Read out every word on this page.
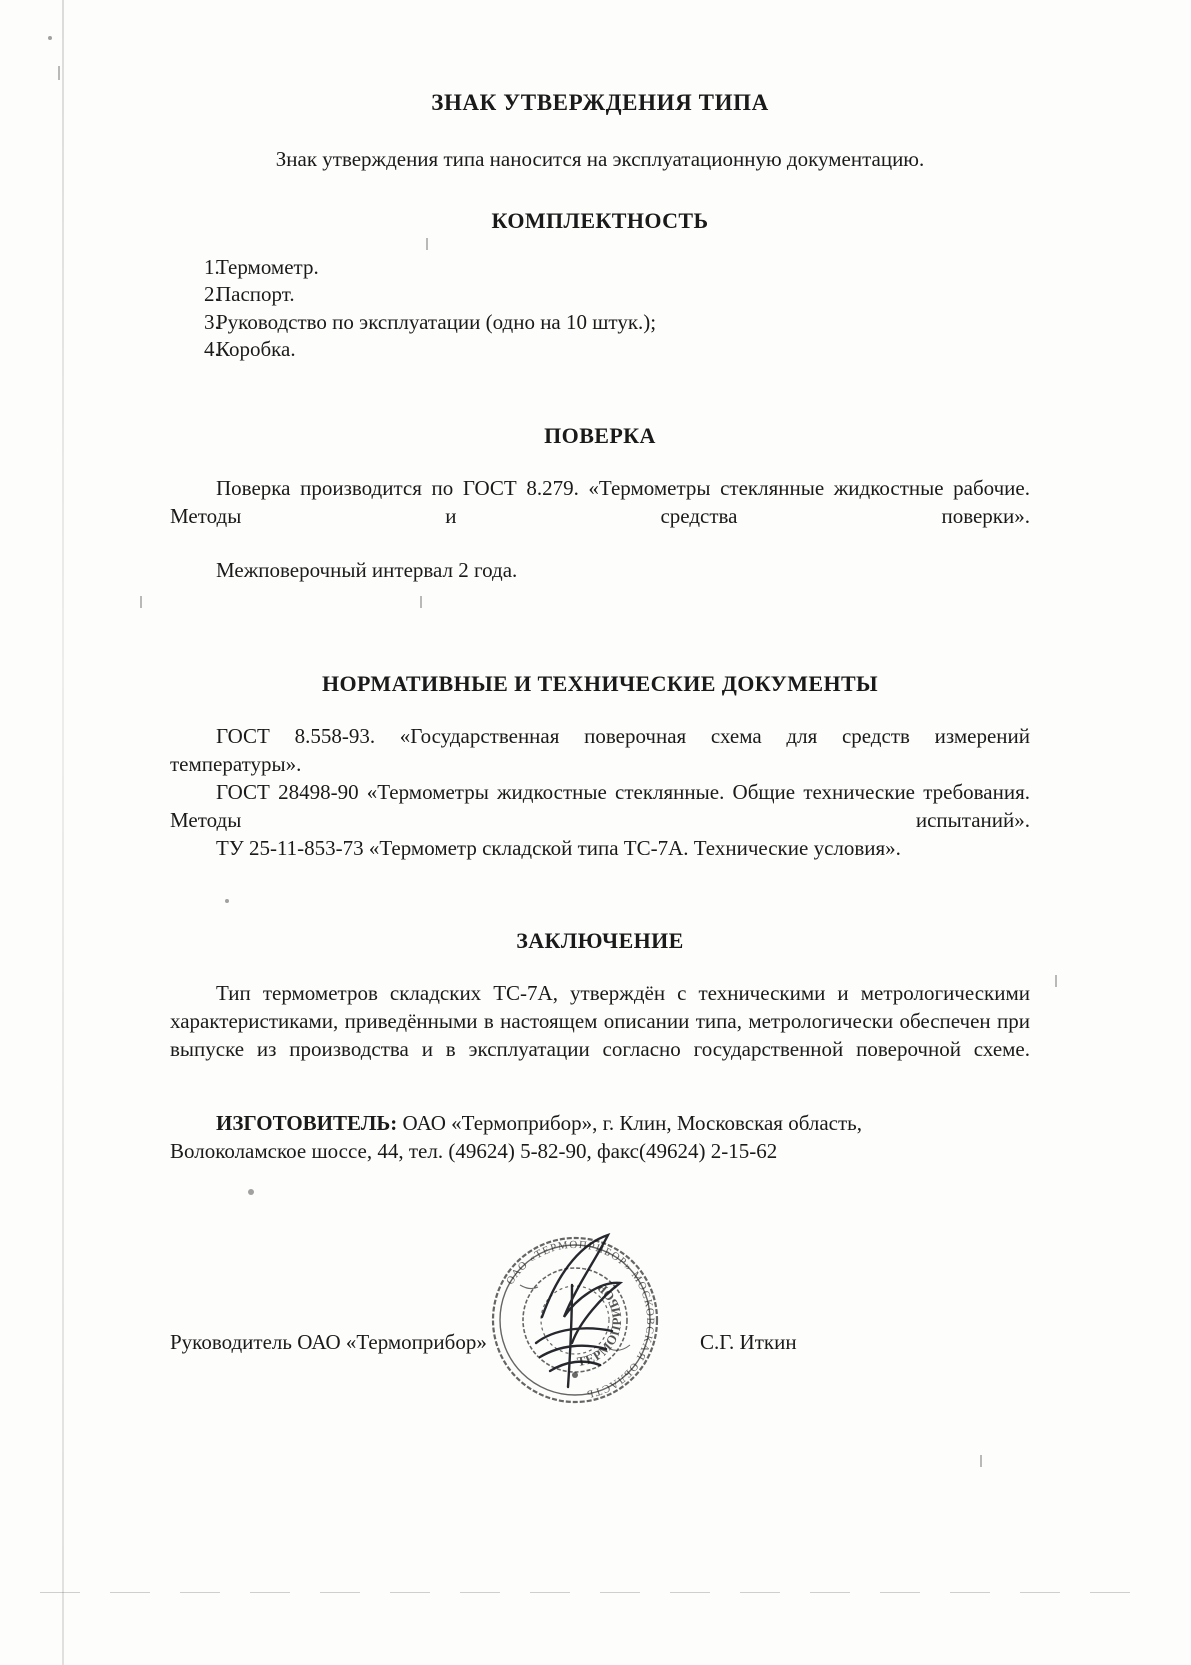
ЗНАК УТВЕРЖДЕНИЯ ТИПА

Знак утверждения типа наносится на эксплуатационную документацию.

КОМПЛЕКТНОСТЬ
1.
Термометр.
2.
Паспорт.
3.
Руководство по эксплуатации (одно на 10 штук.);
4.
Коробка.
ПОВЕРКА

Поверка производится по ГОСТ 8.279. «Термометры стеклянные жидкостные рабочие. Методы и средства поверки».

Межповерочный интервал 2 года.

НОРМАТИВНЫЕ И ТЕХНИЧЕСКИЕ ДОКУМЕНТЫ

ГОСТ 8.558-93. «Государственная поверочная схема для средств измерений температуры».

ГОСТ 28498-90 «Термометры жидкостные стеклянные. Общие технические требования. Методы испытаний».

ТУ 25-11-853-73 «Термометр складской типа ТС-7А. Технические условия».

ЗАКЛЮЧЕНИЕ

Тип термометров складских ТС-7А, утверждён с техническими и метрологическими характеристиками, приведёнными в настоящем описании типа, метрологически обеспечен при выпуске из производства и в эксплуатации согласно государственной поверочной схеме.

ИЗГОТОВИТЕЛЬ: ОАО «Термоприбор», г. Клин, Московская область,
Волоколамское шоссе, 44, тел. (49624) 5-82-90, факс(49624) 2-15-62

ОАО «ТЕРМОПРИБОР» МОСКОВСКАЯ ОБЛАСТЬ
ТЕРМОПРИБОР
Руководитель ОАО «Термоприбор»	С.Г. Иткин
